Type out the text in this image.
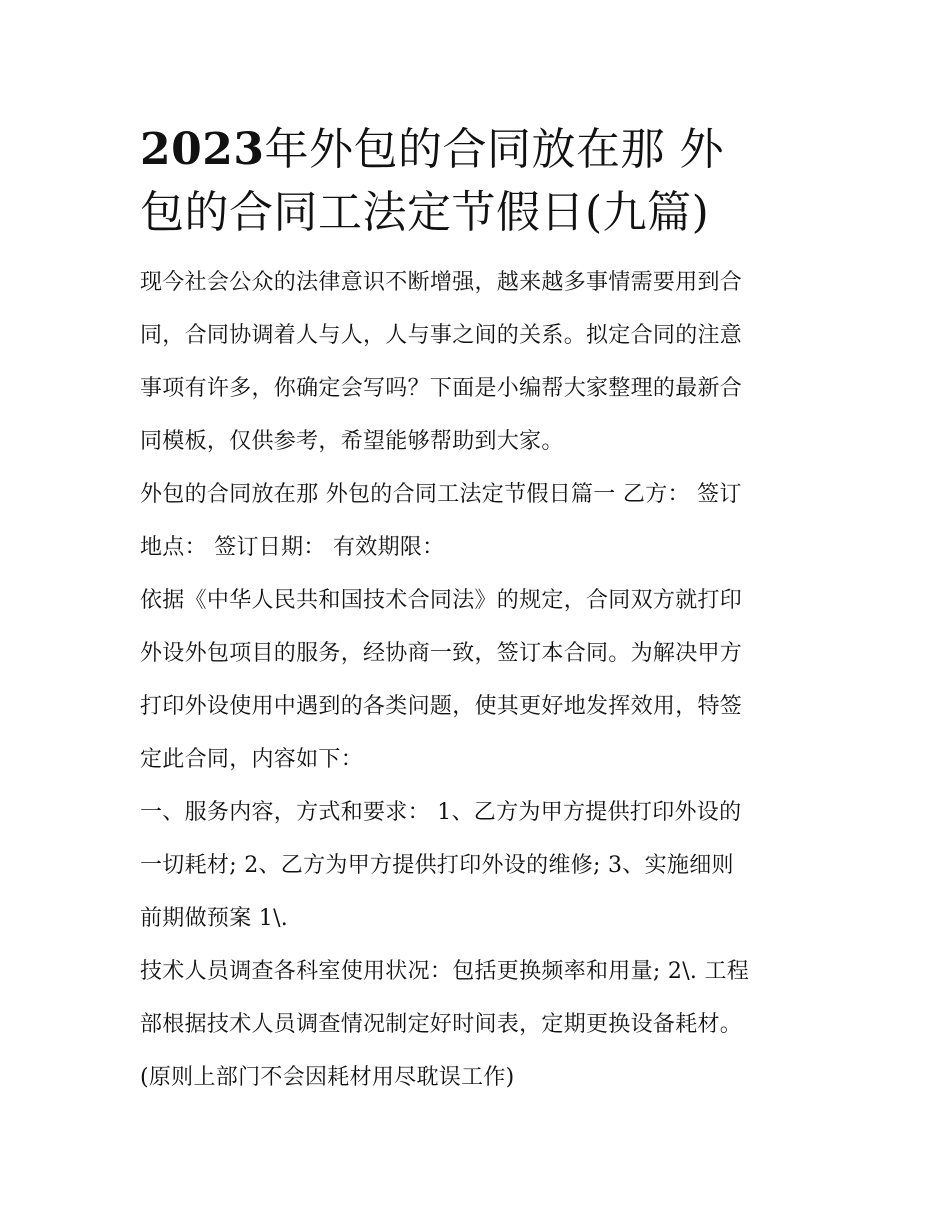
2023年外包的合同放在那 外
包的合同工法定节假日(九篇)

现今社会公众的法律意识不断增强，越来越多事情需要用到合
同，合同协调着人与人，人与事之间的关系。拟定合同的注意
事项有许多，你确定会写吗？下面是小编帮大家整理的最新合
同模板，仅供参考，希望能够帮助到大家。

外包的合同放在那 外包的合同工法定节假日篇一 乙方： 签订
地点： 签订日期： 有效期限：

依据《中华人民共和国技术合同法》的规定，合同双方就打印
外设外包项目的服务，经协商一致，签订本合同。为解决甲方
打印外设使用中遇到的各类问题，使其更好地发挥效用，特签
定此合同，内容如下：

一、服务内容，方式和要求： 1、乙方为甲方提供打印外设的
一切耗材; 2、乙方为甲方提供打印外设的维修; 3、实施细则
前期做预案 1\.

技术人员调查各科室使用状况：包括更换频率和用量; 2\. 工程
部根据技术人员调查情况制定好时间表，定期更换设备耗材。
(原则上部门不会因耗材用尽耽误工作)
